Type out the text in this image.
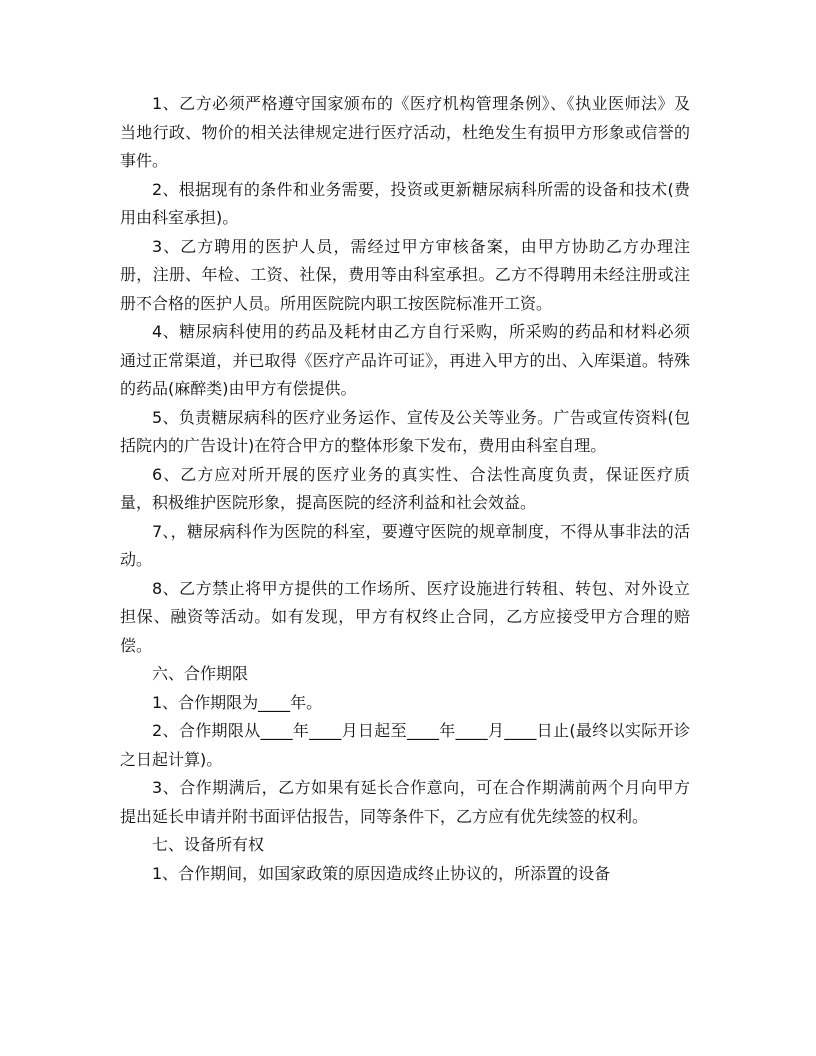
1、乙方必须严格遵守国家颁布的《医疗机构管理条例》、《执业医师法》及当地行政、物价的相关法律规定进行医疗活动，杜绝发生有损甲方形象或信誉的事件。

2、根据现有的条件和业务需要，投资或更新糖尿病科所需的设备和技术(费用由科室承担)。

3、乙方聘用的医护人员，需经过甲方审核备案，由甲方协助乙方办理注册，注册、年检、工资、社保，费用等由科室承担。乙方不得聘用未经注册或注册不合格的医护人员。所用医院院内职工按医院标准开工资。

4、糖尿病科使用的药品及耗材由乙方自行采购，所采购的药品和材料必须通过正常渠道，并已取得《医疗产品许可证》，再进入甲方的出、入库渠道。特殊的药品(麻醉类)由甲方有偿提供。

5、负责糖尿病科的医疗业务运作、宣传及公关等业务。广告或宣传资料(包括院内的广告设计)在符合甲方的整体形象下发布，费用由科室自理。

6、乙方应对所开展的医疗业务的真实性、合法性高度负责，保证医疗质量，积极维护医院形象，提高医院的经济利益和社会效益。

7、，糖尿病科作为医院的科室，要遵守医院的规章制度，不得从事非法的活动。

8、乙方禁止将甲方提供的工作场所、医疗设施进行转租、转包、对外设立担保、融资等活动。如有发现，甲方有权终止合同，乙方应接受甲方合理的赔偿。

六、合作期限

1、合作期限为____年。

2、合作期限从____年____月日起至____年____月____日止(最终以实际开诊之日起计算)。

3、合作期满后，乙方如果有延长合作意向，可在合作期满前两个月向甲方提出延长申请并附书面评估报告，同等条件下，乙方应有优先续签的权利。

七、设备所有权

1、合作期间，如国家政策的原因造成终止协议的，所添置的设备
